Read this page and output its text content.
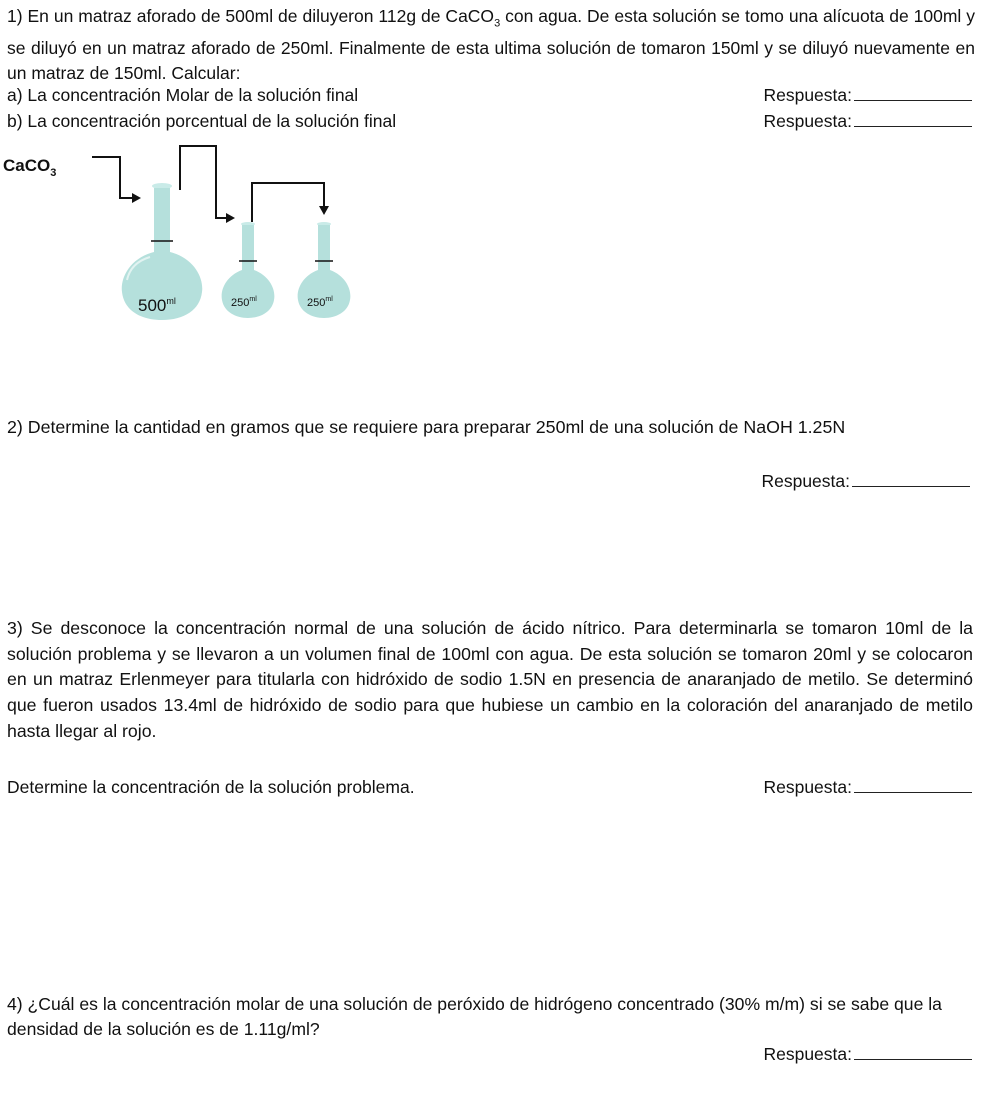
1) En un matraz aforado de 500ml de diluyeron 112g de CaCO$_3$ con agua. De esta solución se tomo una alícuota de 100ml y se diluyó en un matraz aforado de 250ml. Finalmente de esta ultima solución de tomaron 150ml y se diluyó nuevamente en un matraz de 150ml. Calcular:
a) La concentración Molar de la solución final	Respuesta:
b) La concentración porcentual de la solución final	Respuesta:
CaCO$_3$
$500^{ml}$	$250^{ml}$	$250^{ml}$
2) Determine la cantidad en gramos que se requiere para preparar 250ml de una solución de NaOH 1.25N
Respuesta:
3) Se desconoce la concentración normal de una solución de ácido nítrico. Para determinarla se tomaron 10ml de la solución problema y se llevaron a un volumen final de 100ml con agua. De esta solución se tomaron 20ml y se colocaron en un matraz Erlenmeyer para titularla con hidróxido de sodio 1.5N en presencia de anaranjado de metilo. Se determinó que fueron usados 13.4ml de hidróxido de sodio para que hubiese un cambio en la coloración del anaranjado de metilo hasta llegar al rojo.
Determine la concentración de la solución problema.	Respuesta:
4) ¿Cuál es la concentración molar de una solución de peróxido de hidrógeno concentrado (30% m/m) si se sabe que la densidad de la solución es de 1.11g/ml?
Respuesta:
